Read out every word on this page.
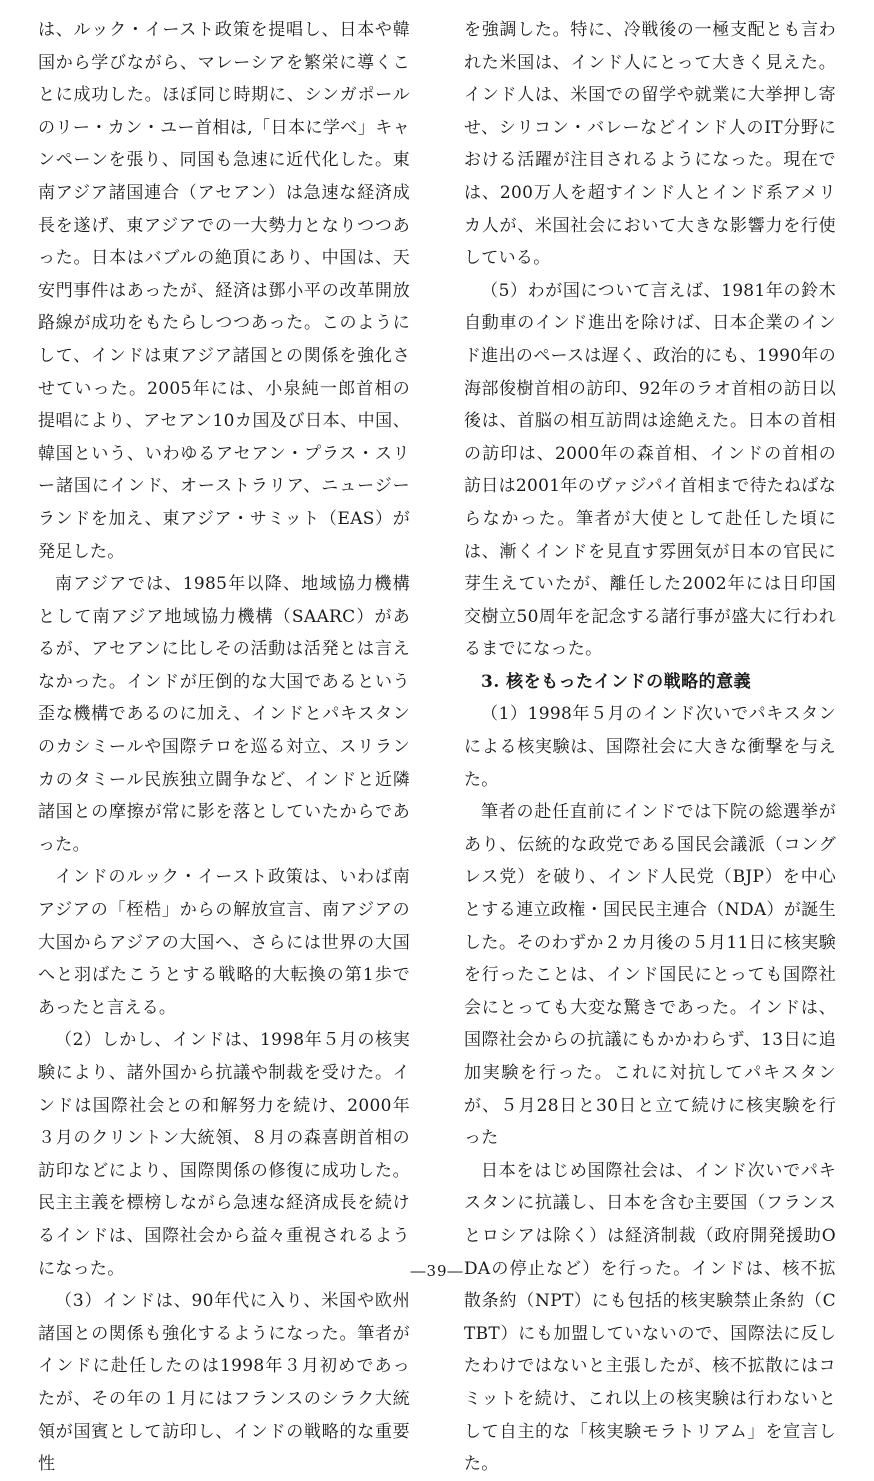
は、ルック・イースト政策を提唱し、日本や韓国から学びながら、マレーシアを繁栄に導くことに成功した。ほぼ同じ時期に、シンガポールのリー・カン・ユー首相は,「日本に学べ」キャンペーンを張り、同国も急速に近代化した。東南アジア諸国連合（アセアン）は急速な経済成長を遂げ、東アジアでの一大勢力となりつつあった。日本はバブルの絶頂にあり、中国は、天安門事件はあったが、経済は鄧小平の改革開放路線が成功をもたらしつつあった。このようにして、インドは東アジア諸国との関係を強化させていった。2005年には、小泉純一郎首相の提唱により、アセアン10カ国及び日本、中国、韓国という、いわゆるアセアン・プラス・スリー諸国にインド、オーストラリア、ニュージーランドを加え、東アジア・サミット（EAS）が発足した。

南アジアでは、1985年以降、地域協力機構として南アジア地域協力機構（SAARC）があるが、アセアンに比しその活動は活発とは言えなかった。インドが圧倒的な大国であるという歪な機構であるのに加え、インドとパキスタンのカシミールや国際テロを巡る対立、スリランカのタミール民族独立闘争など、インドと近隣諸国との摩擦が常に影を落としていたからであった。

インドのルック・イースト政策は、いわば南アジアの「桎梏」からの解放宣言、南アジアの大国からアジアの大国へ、さらには世界の大国へと羽ばたこうとする戦略的大転換の第1歩であったと言える。

（2）しかし、インドは、1998年５月の核実験により、諸外国から抗議や制裁を受けた。インドは国際社会との和解努力を続け、2000年３月のクリントン大統領、８月の森喜朗首相の訪印などにより、国際関係の修復に成功した。民主主義を標榜しながら急速な経済成長を続けるインドは、国際社会から益々重視されるようになった。

（3）インドは、90年代に入り、米国や欧州諸国との関係も強化するようになった。筆者がインドに赴任したのは1998年３月初めであったが、その年の１月にはフランスのシラク大統領が国賓として訪印し、インドの戦略的な重要性

を強調した。特に、冷戦後の一極支配とも言われた米国は、インド人にとって大きく見えた。インド人は、米国での留学や就業に大挙押し寄せ、シリコン・バレーなどインド人のIT分野における活躍が注目されるようになった。現在では、200万人を超すインド人とインド系アメリカ人が、米国社会において大きな影響力を行使している。

（5）わが国について言えば、1981年の鈴木自動車のインド進出を除けば、日本企業のインド進出のペースは遅く、政治的にも、1990年の海部俊樹首相の訪印、92年のラオ首相の訪日以後は、首脳の相互訪問は途絶えた。日本の首相の訪印は、2000年の森首相、インドの首相の訪日は2001年のヴァジパイ首相まで待たねばならなかった。筆者が大使として赴任した頃には、漸くインドを見直す雰囲気が日本の官民に芽生えていたが、離任した2002年には日印国交樹立50周年を記念する諸行事が盛大に行われるまでになった。

3. 核をもったインドの戦略的意義

（1）1998年５月のインド次いでパキスタンによる核実験は、国際社会に大きな衝撃を与えた。

筆者の赴任直前にインドでは下院の総選挙があり、伝統的な政党である国民会議派（コングレス党）を破り、インド人民党（BJP）を中心とする連立政権・国民民主連合（NDA）が誕生した。そのわずか２カ月後の５月11日に核実験を行ったことは、インド国民にとっても国際社会にとっても大変な驚きであった。インドは、国際社会からの抗議にもかかわらず、13日に追加実験を行った。これに対抗してパキスタンが、５月28日と30日と立て続けに核実験を行った

日本をはじめ国際社会は、インド次いでパキスタンに抗議し、日本を含む主要国（フランスとロシアは除く）は経済制裁（政府開発援助ODAの停止など）を行った。インドは、核不拡散条約（NPT）にも包括的核実験禁止条約（CTBT）にも加盟していないので、国際法に反したわけではないと主張したが、核不拡散にはコミットを続け、これ以上の核実験は行わないとして自主的な「核実験モラトリアム」を宣言した。

―39―
